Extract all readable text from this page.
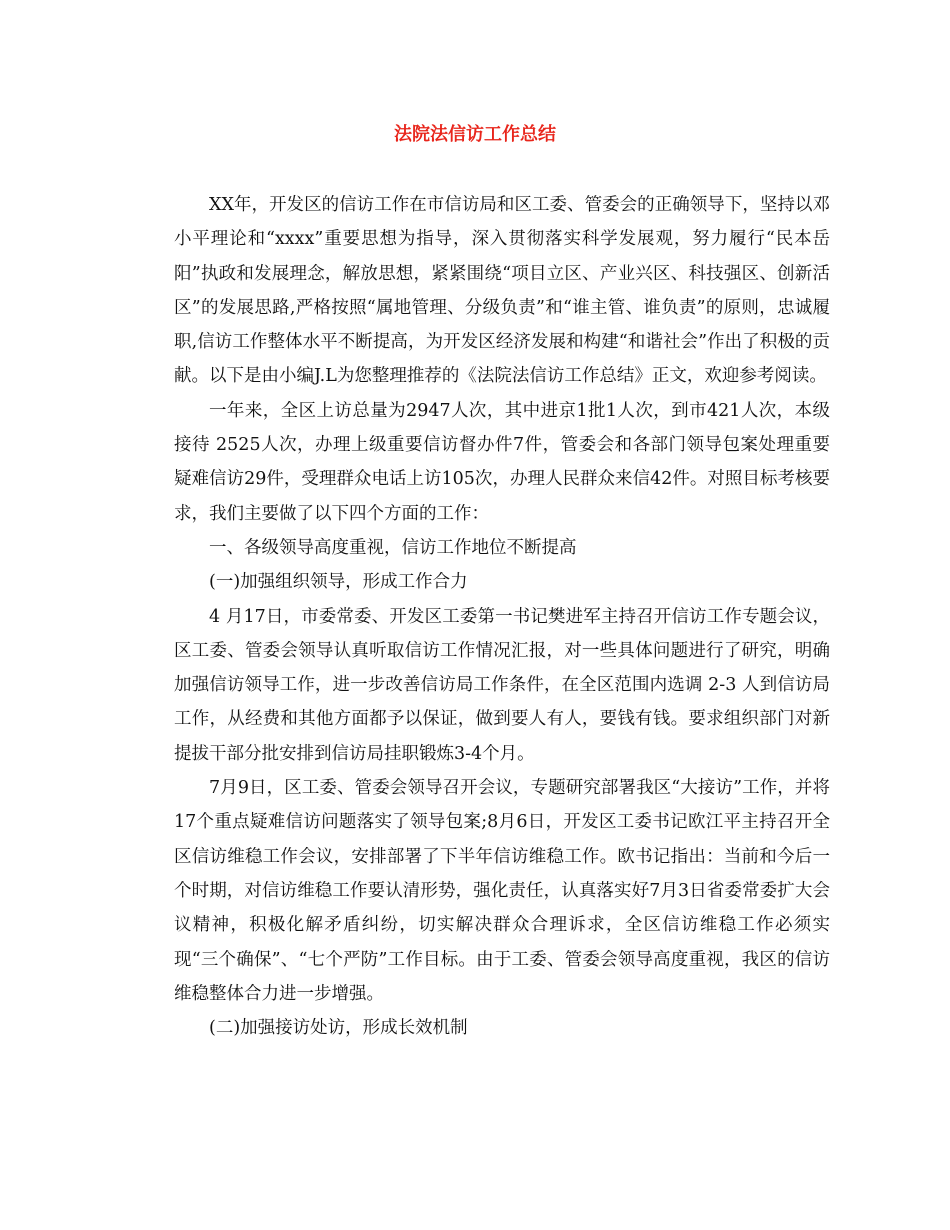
法院法信访工作总结

XX年，开发区的信访工作在市信访局和区工委、管委会的正确领导下，坚持以邓小平理论和“xxxx”重要思想为指导，深入贯彻落实科学发展观，努力履行“民本岳阳”执政和发展理念，解放思想，紧紧围绕“项目立区、产业兴区、科技强区、创新活区”的发展思路,严格按照“属地管理、分级负责”和“谁主管、谁负责”的原则，忠诚履职,信访工作整体水平不断提高，为开发区经济发展和构建“和谐社会”作出了积极的贡献。以下是由小编J.L为您整理推荐的《法院法信访工作总结》正文，欢迎参考阅读。

一年来，全区上访总量为2947人次，其中进京1批1人次，到市421人次，本级接待 2525人次，办理上级重要信访督办件7件，管委会和各部门领导包案处理重要疑难信访29件，受理群众电话上访105次，办理人民群众来信42件。对照目标考核要求，我们主要做了以下四个方面的工作：

一、各级领导高度重视，信访工作地位不断提高

(一)加强组织领导，形成工作合力

4 月17日，市委常委、开发区工委第一书记樊进军主持召开信访工作专题会议，区工委、管委会领导认真听取信访工作情况汇报，对一些具体问题进行了研究，明确加强信访领导工作，进一步改善信访局工作条件，在全区范围内选调 2-3 人到信访局工作，从经费和其他方面都予以保证，做到要人有人，要钱有钱。要求组织部门对新提拔干部分批安排到信访局挂职锻炼3-4个月。

7月9日，区工委、管委会领导召开会议，专题研究部署我区“大接访”工作，并将17个重点疑难信访问题落实了领导包案;8月6日，开发区工委书记欧江平主持召开全区信访维稳工作会议，安排部署了下半年信访维稳工作。欧书记指出：当前和今后一个时期，对信访维稳工作要认清形势，强化责任，认真落实好7月3日省委常委扩大会议精神，积极化解矛盾纠纷，切实解决群众合理诉求，全区信访维稳工作必须实现“三个确保”、“七个严防”工作目标。由于工委、管委会领导高度重视，我区的信访维稳整体合力进一步增强。

(二)加强接访处访，形成长效机制
